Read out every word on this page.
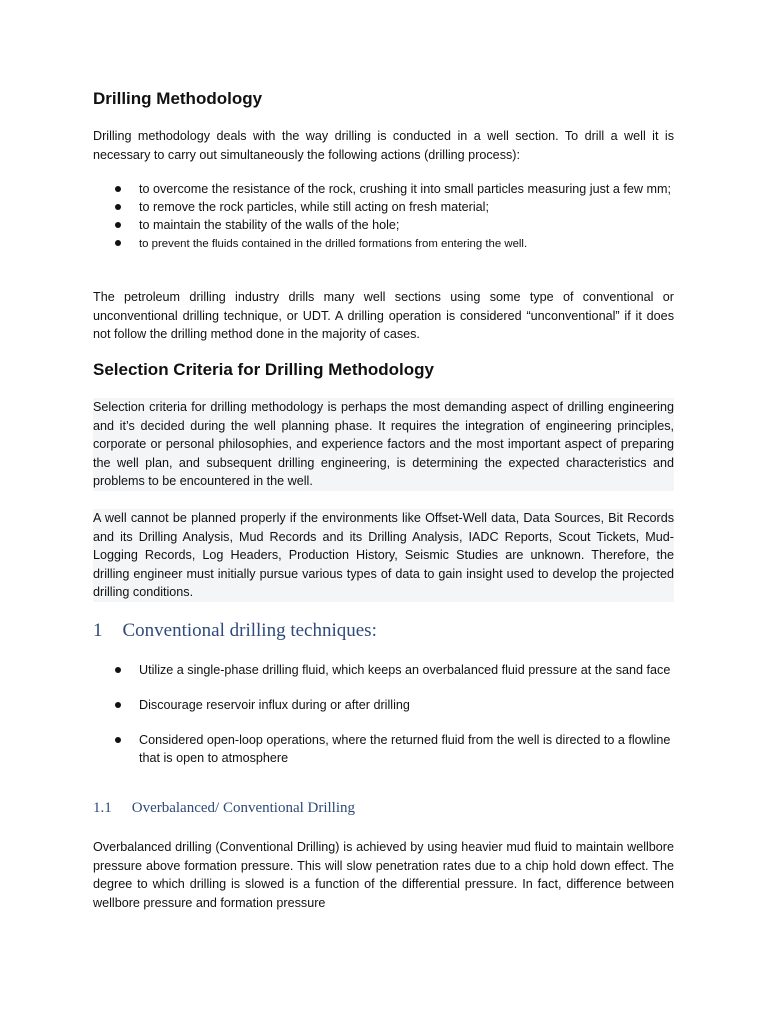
Drilling Methodology

Drilling methodology deals with the way drilling is conducted in a well section. To drill a well it is necessary to carry out simultaneously the following actions (drilling process):

to overcome the resistance of the rock, crushing it into small particles measuring just a few mm;
to remove the rock particles, while still acting on fresh material;
to maintain the stability of the walls of the hole;
to prevent the fluids contained in the drilled formations from entering the well.

The petroleum drilling industry drills many well sections using some type of conventional or unconventional drilling technique, or UDT. A drilling operation is considered “unconventional” if it does not follow the drilling method done in the majority of cases.

Selection Criteria for Drilling Methodology

Selection criteria for drilling methodology is perhaps the most demanding aspect of drilling engineering and it’s decided during the well planning phase. It requires the integration of engineering principles, corporate or personal philosophies, and experience factors and the most important aspect of preparing the well plan, and subsequent drilling engineering, is determining the expected characteristics and problems to be encountered in the well.

A well cannot be planned properly if the environments like Offset-Well data, Data Sources, Bit Records and its Drilling Analysis, Mud Records and its Drilling Analysis, IADC Reports, Scout Tickets, Mud-Logging Records, Log Headers, Production History, Seismic Studies are unknown. Therefore, the drilling engineer must initially pursue various types of data to gain insight used to develop the projected drilling conditions.

1 Conventional drilling techniques:
Utilize a single-phase drilling fluid, which keeps an overbalanced fluid pressure at the sand face
Discourage reservoir influx during or after drilling
Considered open-loop operations, where the returned fluid from the well is directed to a flowline that is open to atmosphere
1.1 Overbalanced/ Conventional Drilling

Overbalanced drilling (Conventional Drilling) is achieved by using heavier mud fluid to maintain wellbore pressure above formation pressure. This will slow penetration rates due to a chip hold down effect. The degree to which drilling is slowed is a function of the differential pressure. In fact, difference between wellbore pressure and formation pressure
